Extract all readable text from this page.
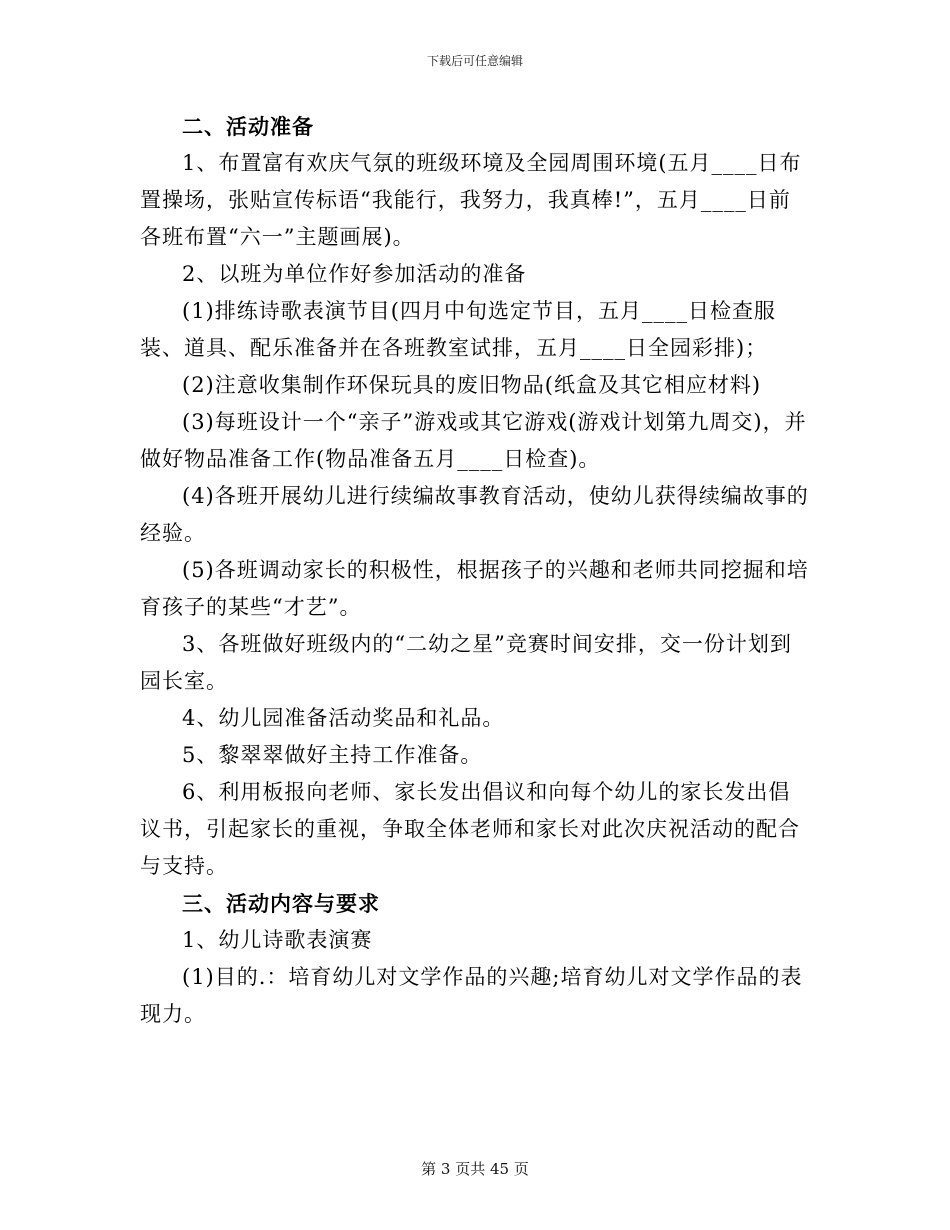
下载后可任意编辑

二、活动准备

1、布置富有欢庆气氛的班级环境及全园周围环境(五月____日布置操场，张贴宣传标语“我能行，我努力，我真棒!”，五月____日前各班布置“六一”主题画展)。

2、以班为单位作好参加活动的准备

(1)排练诗歌表演节目(四月中旬选定节目，五月____日检查服装、道具、配乐准备并在各班教室试排，五月____日全园彩排)；

(2)注意收集制作环保玩具的废旧物品(纸盒及其它相应材料)

(3)每班设计一个“亲子”游戏或其它游戏(游戏计划第九周交)，并做好物品准备工作(物品准备五月____日检查)。

(4)各班开展幼儿进行续编故事教育活动，使幼儿获得续编故事的经验。

(5)各班调动家长的积极性，根据孩子的兴趣和老师共同挖掘和培育孩子的某些“才艺”。

3、各班做好班级内的“二幼之星”竞赛时间安排，交一份计划到园长室。

4、幼儿园准备活动奖品和礼品。

5、黎翠翠做好主持工作准备。

6、利用板报向老师、家长发出倡议和向每个幼儿的家长发出倡议书，引起家长的重视，争取全体老师和家长对此次庆祝活动的配合与支持。

三、活动内容与要求

1、幼儿诗歌表演赛

(1)目的.：培育幼儿对文学作品的兴趣;培育幼儿对文学作品的表现力。

第 3 页共 45 页
